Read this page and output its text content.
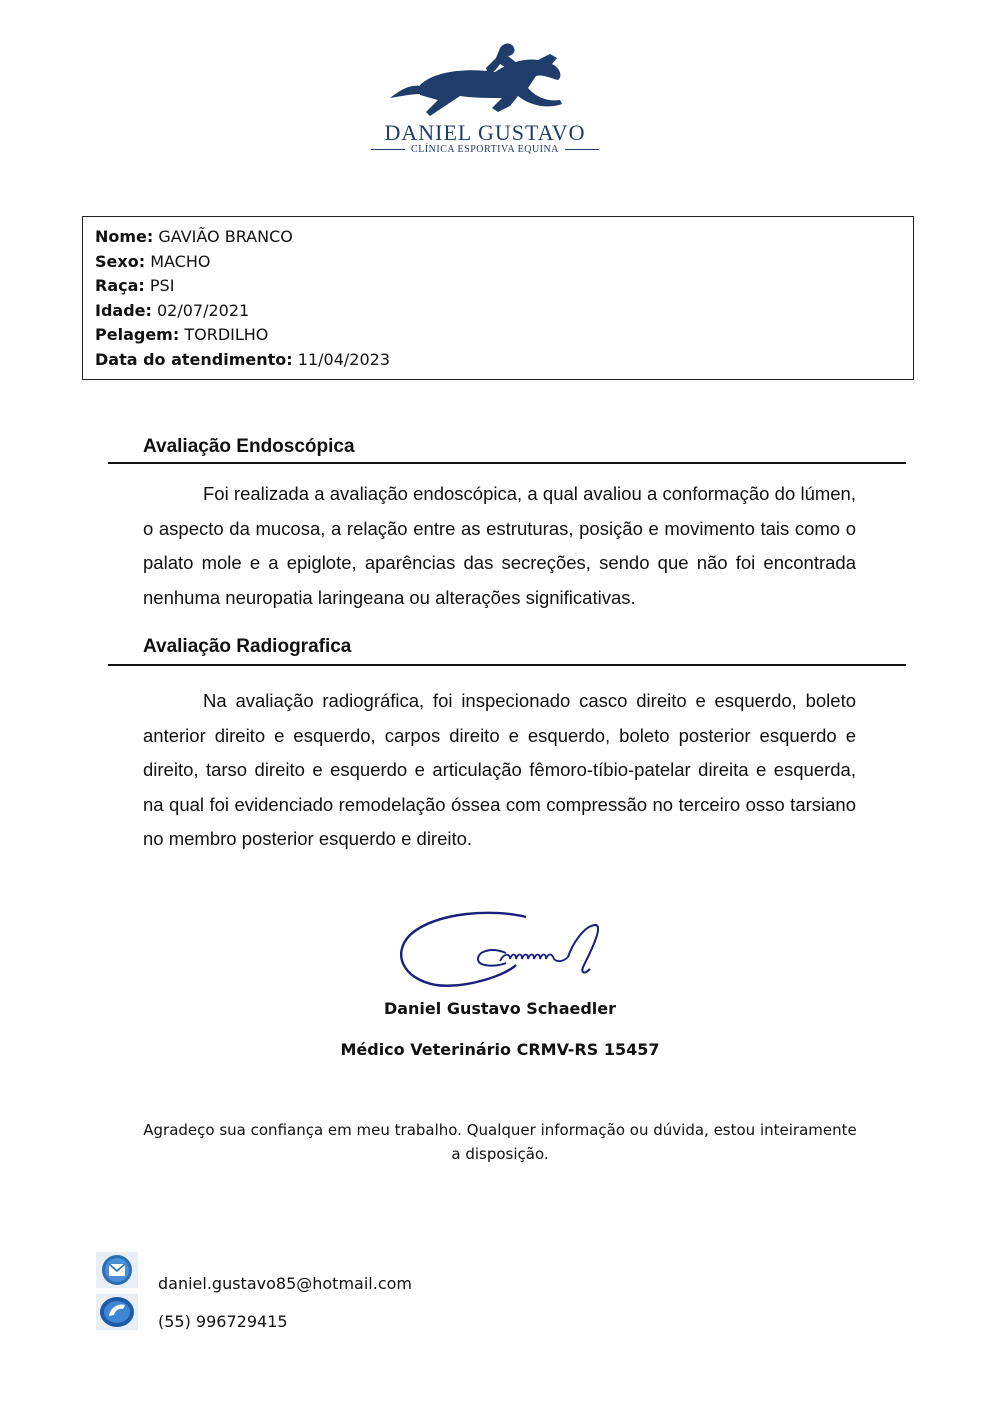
DANIEL GUSTAVO
CLÍNICA ESPORTIVA EQUINA
Nome: GAVIÃO BRANCO
Sexo: MACHO
Raça: PSI
Idade: 02/07/2021
Pelagem: TORDILHO
Data do atendimento: 11/04/2023
Avaliação Endoscópica
Foi realizada a avaliação endoscópica, a qual avaliou a conformação do lúmen, o aspecto da mucosa, a relação entre as estruturas, posição e movimento tais como o palato mole e a epiglote, aparências das secreções, sendo que não foi encontrada nenhuma neuropatia laringeana ou alterações significativas.
Avaliação Radiografica
Na avaliação radiográfica, foi inspecionado casco direito e esquerdo, boleto anterior direito e esquerdo, carpos direito e esquerdo, boleto posterior esquerdo e direito, tarso direito e esquerdo e articulação fêmoro-tíbio-patelar direita e esquerda, na qual foi evidenciado remodelação óssea com compressão no terceiro osso tarsiano no membro posterior esquerdo e direito.
Daniel Gustavo Schaedler
Médico Veterinário CRMV-RS 15457
Agradeço sua confiança em meu trabalho. Qualquer informação ou dúvida, estou inteiramente a disposição.
daniel.gustavo85@hotmail.com
(55) 996729415
